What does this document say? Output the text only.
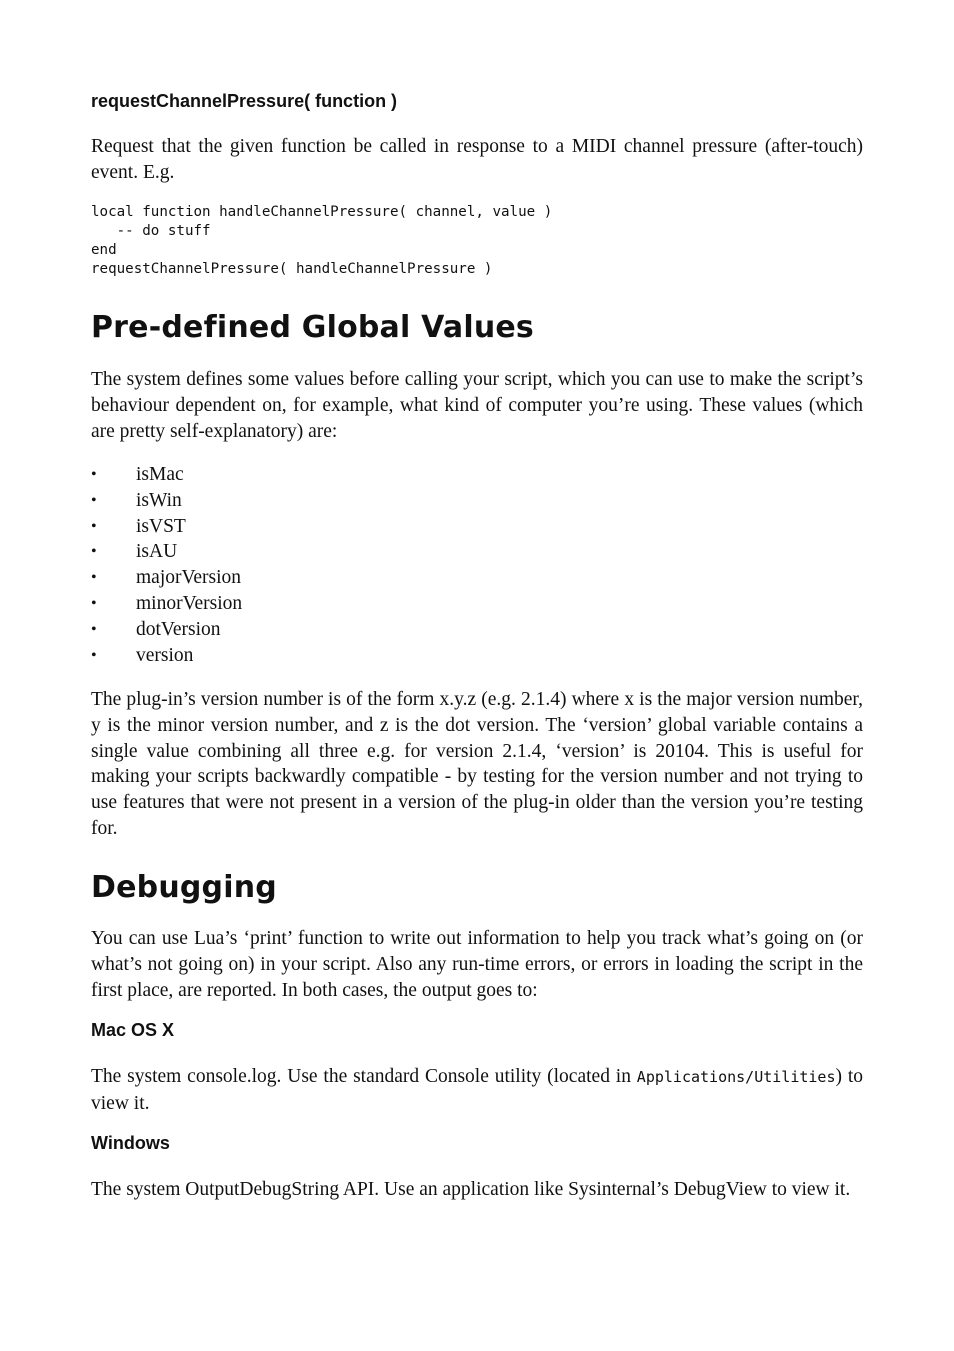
requestChannelPressure( function )

Request that the given function be called in response to a MIDI channel pressure (after-touch) event. E.g.

local function handleChannelPressure( channel, value )
-- do stuff
end
requestChannelPressure( handleChannelPressure )
Pre-defined Global Values

The system defines some values before calling your script, which you can use to make the script’s behaviour dependent on, for example, what kind of computer you’re using. These values (which are pretty self-explanatory) are:

•	isMac
•	isWin
•	isVST
•	isAU
•	majorVersion
•	minorVersion
•	dotVersion
•	version

The plug-in’s version number is of the form x.y.z (e.g. 2.1.4) where x is the major version number, y is the minor version number, and z is the dot version. The ‘version’ global variable contains a single value combining all three e.g. for version 2.1.4, ‘version’ is 20104. This is useful for making your scripts backwardly compatible - by testing for the version number and not trying to use features that were not present in a version of the plug-in older than the version you’re testing for.

Debugging

You can use Lua’s ‘print’ function to write out information to help you track what’s going on (or what’s not going on) in your script. Also any run-time errors, or errors in loading the script in the first place, are reported. In both cases, the output goes to:

Mac OS X

The system console.log. Use the standard Console utility (located in Applications/Utilities) to view it.

Windows

The system OutputDebugString API. Use an application like Sysinternal’s DebugView to view it.
